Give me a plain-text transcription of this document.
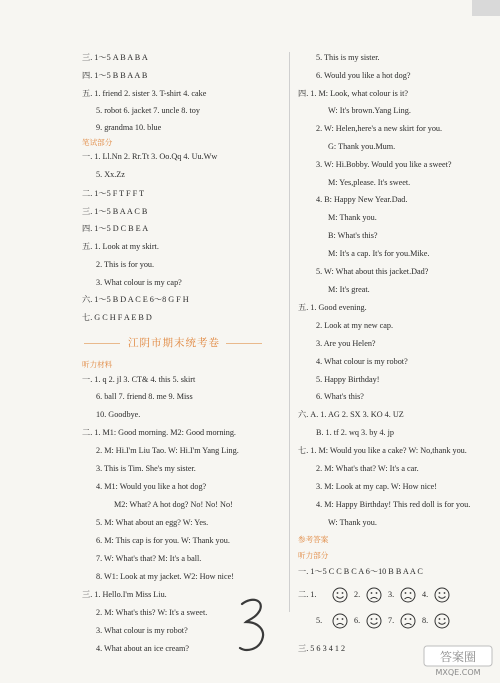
三. 1～5 A B A B A
四. 1～5 B B A A B
五. 1. friend 2. sister 3. T-shirt 4. cake
5. robot 6. jacket 7. uncle 8. toy
9. grandma 10. blue
笔试部分
一. 1. Ll.Nn 2. Rr.Tt 3. Oo.Qq 4. Uu.Ww
5. Xx.Zz
二. 1～5 F T F F T
三. 1～5 B A A C B
四. 1～5 D C B E A
五. 1. Look at my skirt.
2. This is for you.
3. What colour is my cap?
六. 1～5 B D A C E 6～8 G F H
七. G C H F A E B D
江阴市期末统考卷
听力材料
一. 1. q 2. jl 3. CT& 4. this 5. skirt
6. ball 7. friend 8. me 9. Miss
10. Goodbye.
二. 1. M1: Good morning. M2: Good morning.
2. M: Hi.I'm Liu Tao. W: Hi.I'm Yang Ling.
3. This is Tim. She's my sister.
4. M1: Would you like a hot dog?
M2: What? A hot dog? No! No! No!
5. M: What about an egg? W: Yes.
6. M: This cap is for you. W: Thank you.
7. W: What's that? M: It's a ball.
8. W1: Look at my jacket. W2: How nice!
三. 1. Hello.I'm Miss Liu.
2. M: What's this? W: It's a sweet.
3. What colour is my robot?
4. What about an ice cream?
5. This is my sister.
6. Would you like a hot dog?
四. 1. M: Look, what colour is it?
W: It's brown.Yang Ling.
2. W: Helen,here's a new skirt for you.
G: Thank you.Mum.
3. W: Hi.Bobby. Would you like a sweet?
M: Yes,please. It's sweet.
4. B: Happy New Year.Dad.
M: Thank you.
B: What's this?
M: It's a cap. It's for you.Mike.
5. W: What about this jacket.Dad?
M: It's great.
五. 1. Good evening.
2. Look at my new cap.
3. Are you Helen?
4. What colour is my robot?
5. Happy Birthday!
6. What's this?
六. A. 1. AG 2. SX 3. KO 4. UZ
B. 1. tf 2. wq 3. by 4. jp
七. 1. M: Would you like a cake? W: No,thank you.
2. M: What's that? W: It's a car.
3. M: Look at my cap. W: How nice!
4. M: Happy Birthday! This red doll is for you.
W: Thank you.
参考答案
听力部分
一. 1～5 C C B C A 6～10 B B A A C
二. 1.	2.	3.	4.
5.	6.	7.	8.
三. 5 6 3 4 1 2
答案圈
MXQE.COM
